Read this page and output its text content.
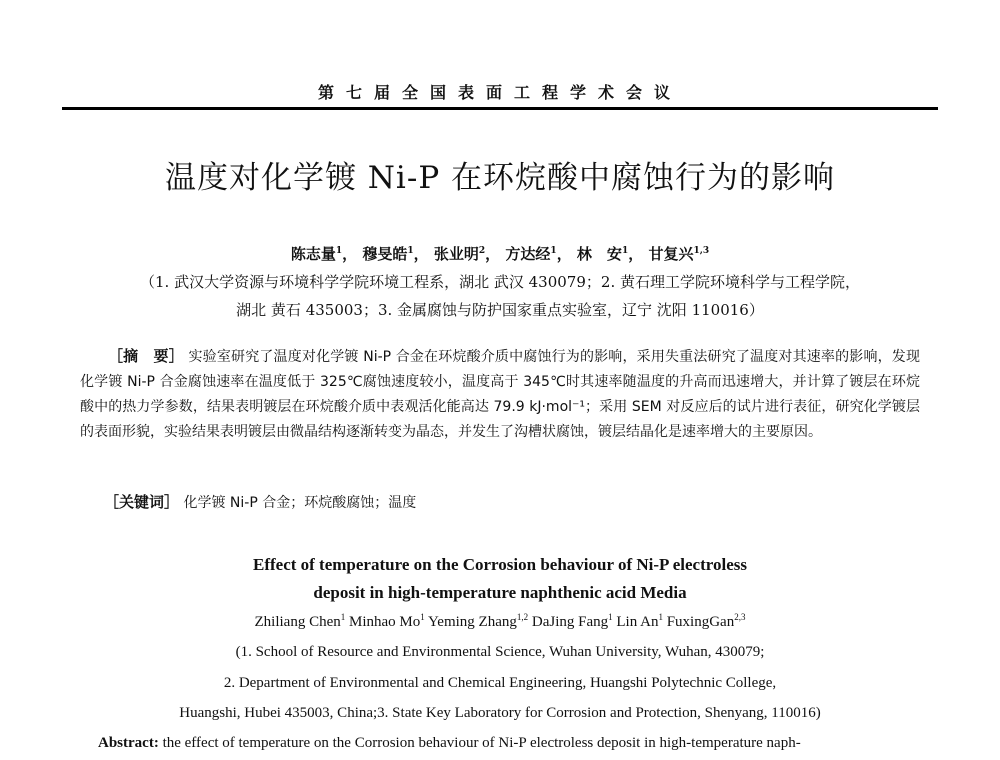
第七届全国表面工程学术会议
温度对化学镀 Ni-P 在环烷酸中腐蚀行为的影响
陈志量$^1$， 穆旻皓$^1$， 张业明$^2$， 方达经$^1$， 林　安$^1$， 甘复兴$^{1,3}$
（1. 武汉大学资源与环境科学学院环境工程系，湖北 武汉 430079；2. 黄石理工学院环境科学与工程学院，
湖北 黄石 435003；3. 金属腐蚀与防护国家重点实验室，辽宁 沈阳 110016）
［摘　要］ 实验室研究了温度对化学镀 Ni-P 合金在环烷酸介质中腐蚀行为的影响，采用失重法研究了温度对其速率的影响，发现化学镀 Ni-P 合金腐蚀速率在温度低于 325℃腐蚀速度较小，温度高于 345℃时其速率随温度的升高而迅速增大，并计算了镀层在环烷酸中的热力学参数，结果表明镀层在环烷酸介质中表观活化能高达 79.9 kJ·mol⁻¹；采用 SEM 对反应后的试片进行表征，研究化学镀层的表面形貌，实验结果表明镀层由微晶结构逐渐转变为晶态，并发生了沟槽状腐蚀，镀层结晶化是速率增大的主要原因。
［关键词］ 化学镀 Ni-P 合金；环烷酸腐蚀；温度
Effect of temperature on the Corrosion behaviour of Ni-P electroless
deposit in high-temperature naphthenic acid Media
Zhiliang Chen$^1$ Minhao Mo$^1$ Yeming Zhang$^{1,2}$ DaJing Fang$^1$ Lin An$^1$ FuxingGan$^{2,3}$
(1. School of Resource and Environmental Science, Wuhan University, Wuhan, 430079;
2. Department of Environmental and Chemical Engineering, Huangshi Polytechnic College,
Huangshi, Hubei 435003, China;3. State Key Laboratory for Corrosion and Protection, Shenyang, 110016)
Abstract: the effect of temperature on the Corrosion behaviour of Ni-P electroless deposit in high-temperature naph-
